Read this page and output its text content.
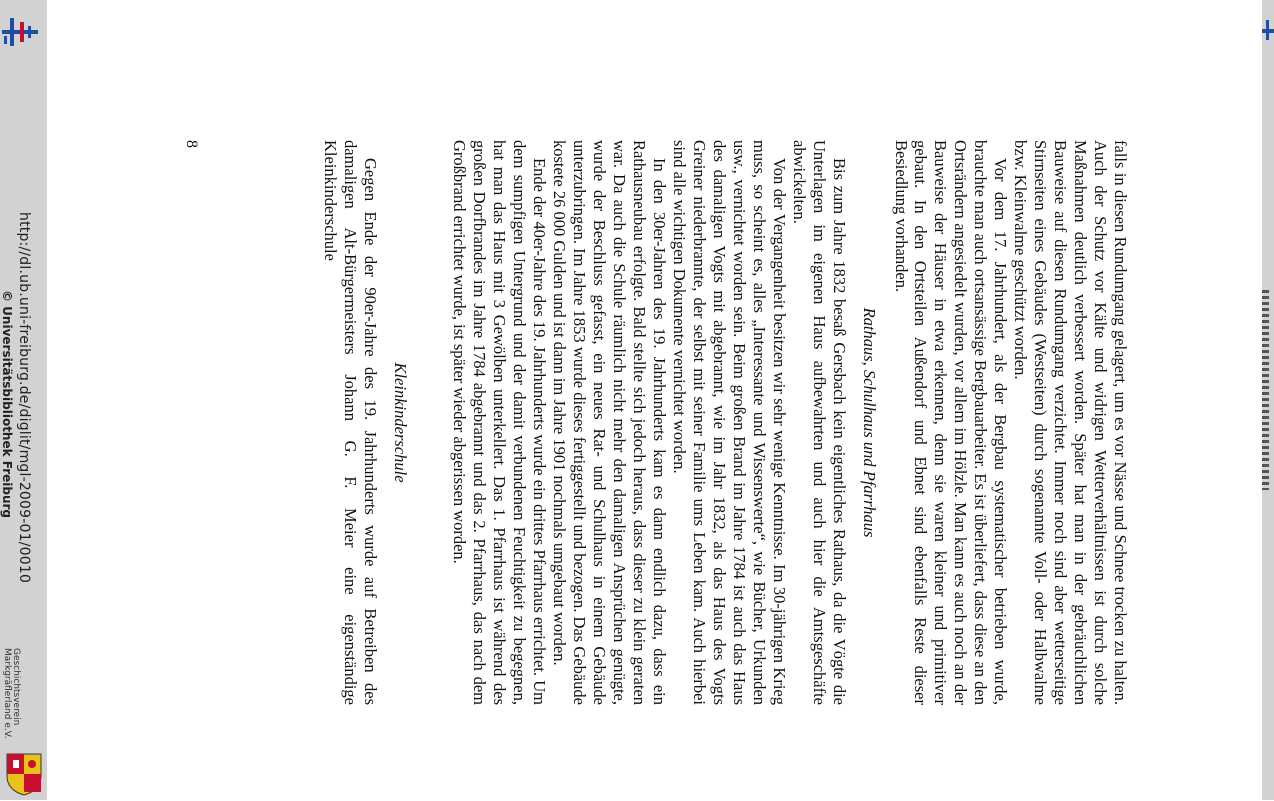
http://dl.ub.uni-freiburg.de/diglit/mgl-2009-01/0010
© Universitätsbibliothek Freiburg
Geschichtsverein
Markgräflerland e.V.	falls in diesen Rundumgang gelagert, um es vor Nässe und Schnee trocken zu halten. Auch der Schutz vor Kälte und widrigen Wetterverhältnissen ist durch solche Maßnahmen deutlich verbessert worden. Später hat man in der gebräuchlichen Bauweise auf diesen Rundumgang verzichtet. Immer noch sind aber wetterseitige Stirnseiten eines Gebäudes (Westseiten) durch sogenannte Voll- oder Halbwalme bzw. Kleinwalme geschützt worden.

Vor dem 17. Jahrhundert, als der Bergbau systematischer betrieben wurde, brauchte man auch ortsansässige Bergbauarbeiter. Es ist überliefert, dass diese an den Ortsrändern angesiedelt wurden, vor allem im Hölzle. Man kann es auch noch an der Bauweise der Häuser in etwa erkennen, denn sie waren kleiner und primitiver gebaut. In den Ortsteilen Außendorf und Ebnet sind ebenfalls Reste dieser Besiedlung vorhanden.

Rathaus, Schulhaus und Pfarrhaus

Bis zum Jahre 1832 besaß Gersbach kein eigentliches Rathaus, da die Vögte die Unterlagen im eigenen Haus aufbewahrten und auch hier die Amtsgeschäfte abwickelten.

Von der Vergangenheit besitzen wir sehr wenige Kenntnisse. Im 30-jährigen Krieg muss, so scheint es, alles „Interessante und Wissenswerte“, wie Bücher, Urkunden usw., vernichtet worden sein. Beim großen Brand im Jahre 1784 ist auch das Haus des damaligen Vogts mit abgebrannt, wie im Jahr 1832, als das Haus des Vogts Greiner niederbrannte, der selbst mit seiner Familie ums Leben kam. Auch hierbei sind alle wichtigen Dokumente vernichtet worden.

In den 30er-Jahren des 19. Jahrhunderts kam es dann endlich dazu, dass ein Rathausneubau erfolgte. Bald stellte sich jedoch heraus, dass dieser zu klein geraten war. Da auch die Schule räumlich nicht mehr den damaligen Ansprüchen genügte, wurde der Beschluss gefasst, ein neues Rat- und Schulhaus in einem Gebäude unterzubringen. Im Jahre 1853 wurde dieses fertiggestellt und bezogen. Das Gebäude kostete 26 000 Gulden und ist dann im Jahre 1901 nochmals umgebaut worden.

Ende der 40er-Jahre des 19. Jahrhunderts wurde ein drittes Pfarrhaus errichtet. Um dem sumpfigen Untergrund und der damit verbundenen Feuchtigkeit zu begegnen, hat man das Haus mit 3 Gewölben unterkellert. Das 1. Pfarrhaus ist während des großen Dorfbrandes im Jahre 1784 abgebrannt und das 2. Pfarrhaus, das nach dem Großbrand errichtet wurde, ist später wieder abgerissen worden.

Kleinkinderschule

Gegen Ende der 90er-Jahre des 19. Jahrhunderts wurde auf Betreiben des damaligen Alt-Bürgermeisters Johann G. F. Meier eine eigenständige Kleinkinderschule

8
